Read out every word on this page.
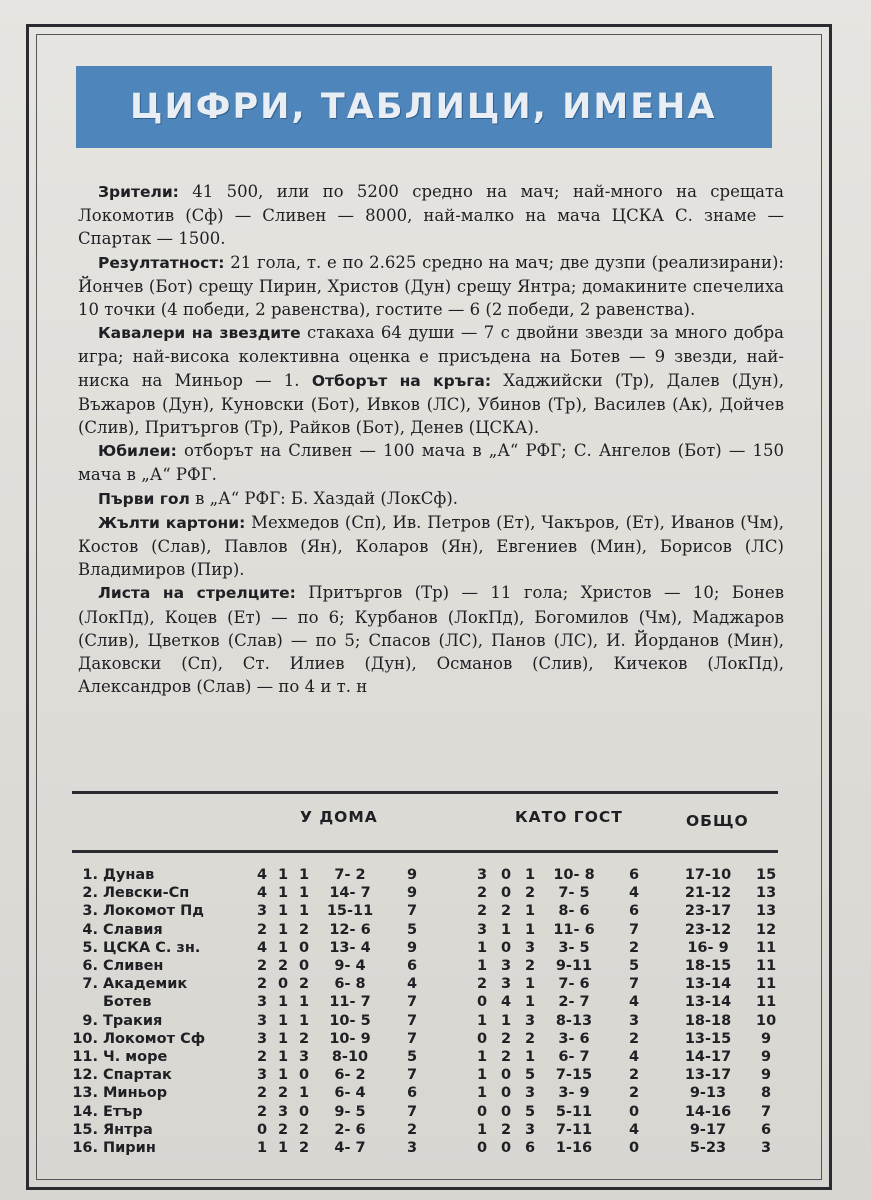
ЦИФРИ, ТАБЛИЦИ, ИМЕНА

Зрители: 41 500, или по 5200 средно на мач; най-много на срещата Локомотив (Сф) — Сливен — 8000, най-малко на мача ЦСКА С. знаме — Спартак — 1500.

Резултатност: 21 гола, т. е по 2.625 средно на мач; две дузпи (реализирани): Йончев (Бот) срещу Пирин, Христов (Дун) срещу Янтра; домакините спечелиха 10 точки (4 победи, 2 равенства), гостите — 6 (2 победи, 2 равенства).

Кавалери на звездите стакаха 64 души — 7 с двойни звезди за много добра игра; най-висока колективна оценка е присъдена на Ботев — 9 звезди, най-ниска на Миньор — 1. Отборът на кръга: Хаджийски (Тр), Далев (Дун), Въжаров (Дун), Куновски (Бот), Ивков (ЛС), Убинов (Тр), Василев (Ак), Дойчев (Слив), Притъргов (Тр), Райков (Бот), Денев (ЦСКА).

Юбилеи: отборът на Сливен — 100 мача в „А“ РФГ; С. Ангелов (Бот) — 150 мача в „А“ РФГ.

Първи гол в „А“ РФГ: Б. Хаздай (ЛокСф).

Жълти картони: Мехмедов (Сп), Ив. Петров (Ет), Чакъров, (Ет), Иванов (Чм), Костов (Слав), Павлов (Ян), Коларов (Ян), Евгениев (Мин), Борисов (ЛС) Владимиров (Пир).

Листа на стрелците: Притъргов (Тр) — 11 гола; Христов — 10; Бонев (ЛокПд), Коцев (Ет) — по 6; Курбанов (ЛокПд), Богомилов (Чм), Маджаров (Слив), Цветков (Слав) — по 5; Спасов (ЛС), Панов (ЛС), И. Йорданов (Мин), Даковски (Сп), Ст. Илиев (Дун), Османов (Слив), Кичеков (ЛокПд), Александров (Слав) — по 4 и т. н

У ДОМА	КАТО ГОСТ	ОБЩО
1. Дунав	4 1 1	7- 2	9	3 0 1	10- 8	6	17-10	15
2. Левски-Сп	4 1 1	14- 7	9	2 0 2	7- 5	4	21-12	13
3. Локомот Пд	3 1 1	15-11	7	2 2 1	8- 6	6	23-17	13
4. Славия	2 1 2	12- 6	5	3 1 1	11- 6	7	23-12	12
5. ЦСКА С. зн.	4 1 0	13- 4	9	1 0 3	3- 5	2	16- 9	11
6. Сливен	2 2 0	9- 4	6	1 3 2	9-11	5	18-15	11
7. Академик	2 0 2	6- 8	4	2 3 1	7- 6	7	13-14	11
Ботев	3 1 1	11- 7	7	0 4 1	2- 7	4	13-14	11
9. Тракия	3 1 1	10- 5	7	1 1 3	8-13	3	18-18	10
10. Локомот Сф	3 1 2	10- 9	7	0 2 2	3- 6	2	13-15	9
11. Ч. море	2 1 3	8-10	5	1 2 1	6- 7	4	14-17	9
12. Спартак	3 1 0	6- 2	7	1 0 5	7-15	2	13-17	9
13. Миньор	2 2 1	6- 4	6	1 0 3	3- 9	2	9-13	8
14. Етър	2 3 0	9- 5	7	0 0 5	5-11	0	14-16	7
15. Янтра	0 2 2	2- 6	2	1 2 3	7-11	4	9-17	6
16. Пирин	1 1 2	4- 7	3	0 0 6	1-16	0	5-23	3
